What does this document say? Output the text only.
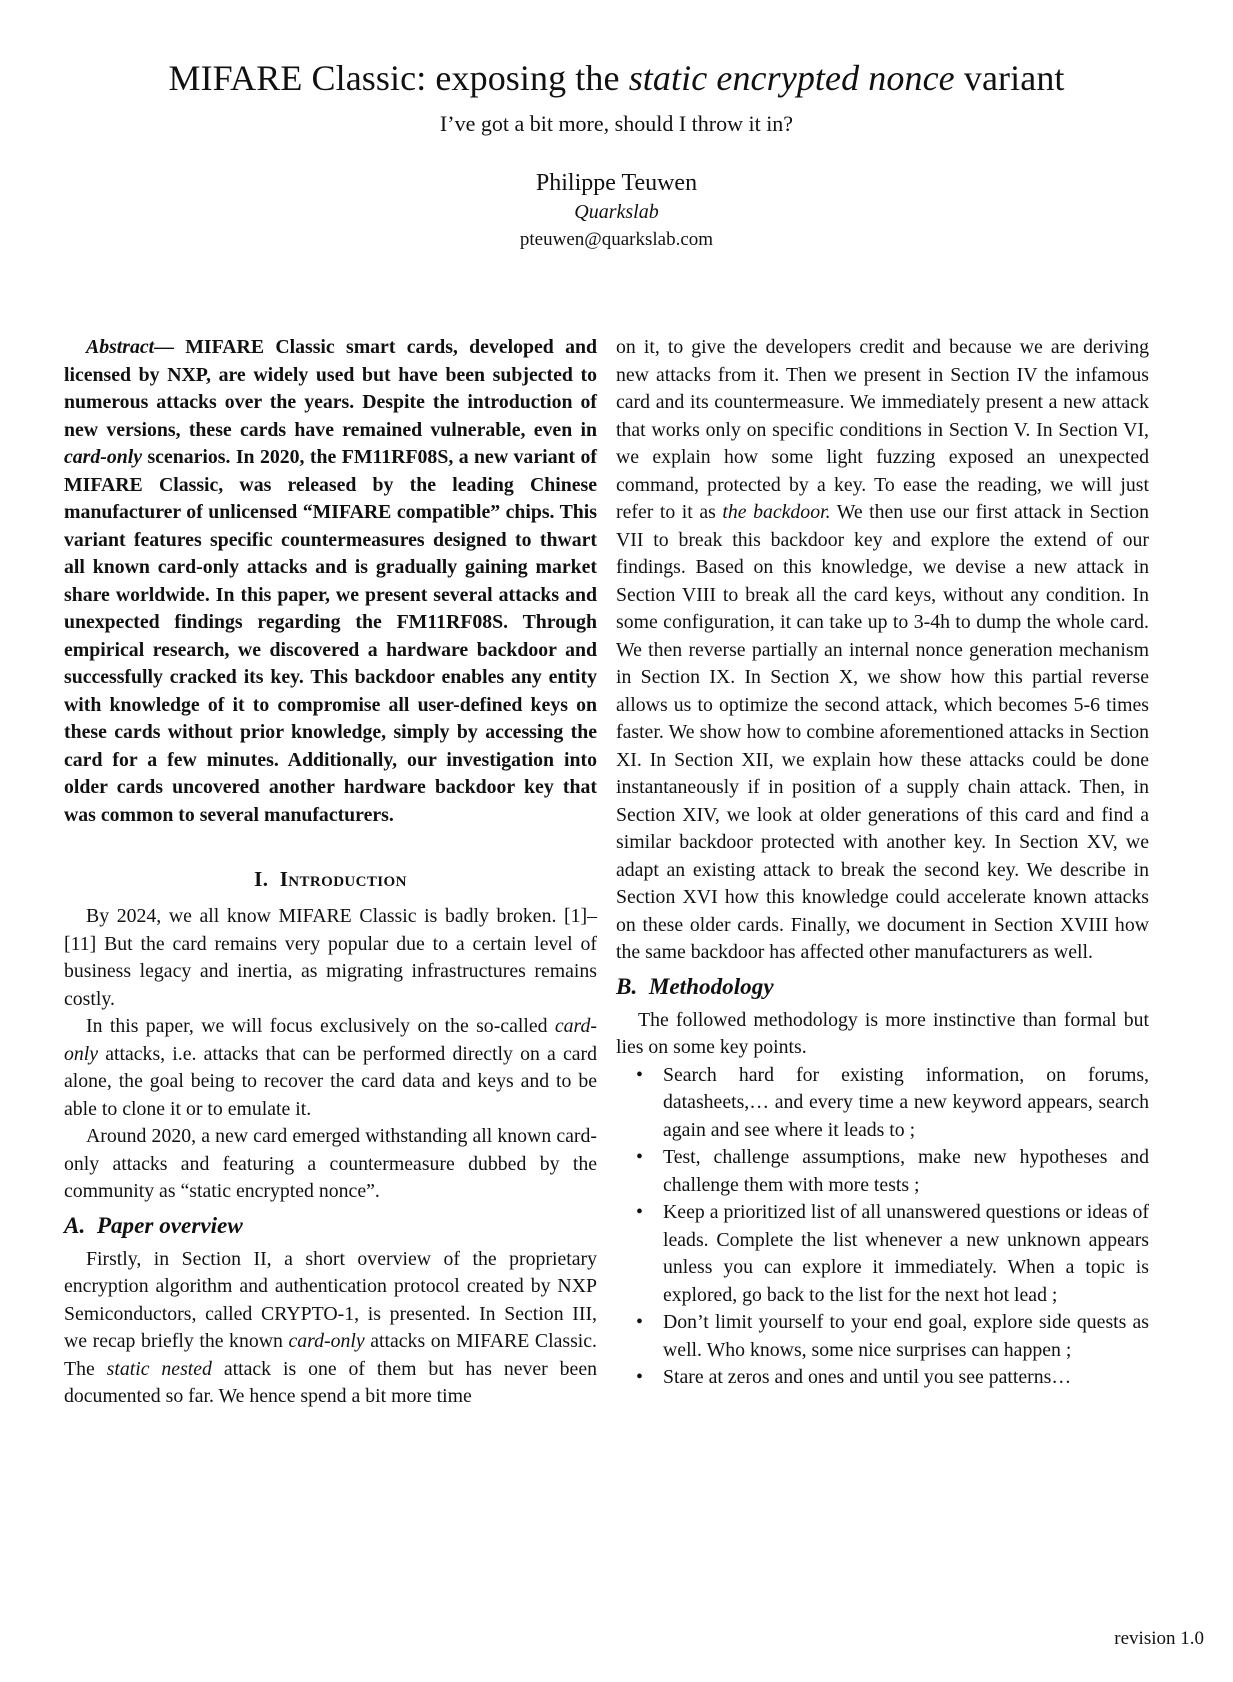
MIFARE Classic: exposing the static encrypted nonce variant

I’ve got a bit more, should I throw it in?

Philippe Teuwen

Quarkslab

pteuwen@quarkslab.com

Abstract— MIFARE Classic smart cards, developed and licensed by NXP, are widely used but have been subjected to numerous attacks over the years. Despite the introduction of new versions, these cards have remained vulnerable, even in card-only scenarios. In 2020, the FM11RF08S, a new variant of MIFARE Classic, was released by the leading Chinese manufacturer of unlicensed “MIFARE compatible” chips. This variant features specific countermeasures designed to thwart all known card-only attacks and is gradually gaining market share worldwide. In this paper, we present several attacks and unexpected findings regarding the FM11RF08S. Through empirical research, we discovered a hardware backdoor and successfully cracked its key. This backdoor enables any entity with knowledge of it to compromise all user-defined keys on these cards without prior knowledge, simply by accessing the card for a few minutes. Additionally, our investigation into older cards uncovered another hardware backdoor key that was common to several manufacturers.

I. Introduction

By 2024, we all know MIFARE Classic is badly broken. [1]–[11] But the card remains very popular due to a certain level of business legacy and inertia, as migrating infrastructures remains costly.

In this paper, we will focus exclusively on the so-called card-only attacks, i.e. attacks that can be performed directly on a card alone, the goal being to recover the card data and keys and to be able to clone it or to emulate it.

Around 2020, a new card emerged withstanding all known card-only attacks and featuring a countermeasure dubbed by the community as “static encrypted nonce”.

A. Paper overview

Firstly, in Section II, a short overview of the proprietary encryption algorithm and authentication protocol created by NXP Semiconductors, called CRYPTO-1, is presented. In Section III, we recap briefly the known card-only attacks on MIFARE Classic. The static nested attack is one of them but has never been documented so far. We hence spend a bit more time

on it, to give the developers credit and because we are deriving new attacks from it. Then we present in Section IV the infamous card and its countermeasure. We immediately present a new attack that works only on specific conditions in Section V. In Section VI, we explain how some light fuzzing exposed an unexpected command, protected by a key. To ease the reading, we will just refer to it as the backdoor. We then use our first attack in Section VII to break this backdoor key and explore the extend of our findings. Based on this knowledge, we devise a new attack in Section VIII to break all the card keys, without any condition. In some configuration, it can take up to 3-4h to dump the whole card. We then reverse partially an internal nonce generation mechanism in Section IX. In Section X, we show how this partial reverse allows us to optimize the second attack, which becomes 5-6 times faster. We show how to combine aforementioned attacks in Section XI. In Section XII, we explain how these attacks could be done instantaneously if in position of a supply chain attack. Then, in Section XIV, we look at older generations of this card and find a similar backdoor protected with another key. In Section XV, we adapt an existing attack to break the second key. We describe in Section XVI how this knowledge could accelerate known attacks on these older cards. Finally, we document in Section XVIII how the same backdoor has affected other manufacturers as well.

B. Methodology

The followed methodology is more instinctive than formal but lies on some key points.

• Search hard for existing information, on forums, datasheets,… and every time a new keyword appears, search again and see where it leads to ;
• Test, challenge assumptions, make new hypotheses and challenge them with more tests ;
• Keep a prioritized list of all unanswered questions or ideas of leads. Complete the list whenever a new unknown appears unless you can explore it immediately. When a topic is explored, go back to the list for the next hot lead ;
• Don’t limit yourself to your end goal, explore side quests as well. Who knows, some nice surprises can happen ;
• Stare at zeros and ones and until you see patterns…
revision 1.0
